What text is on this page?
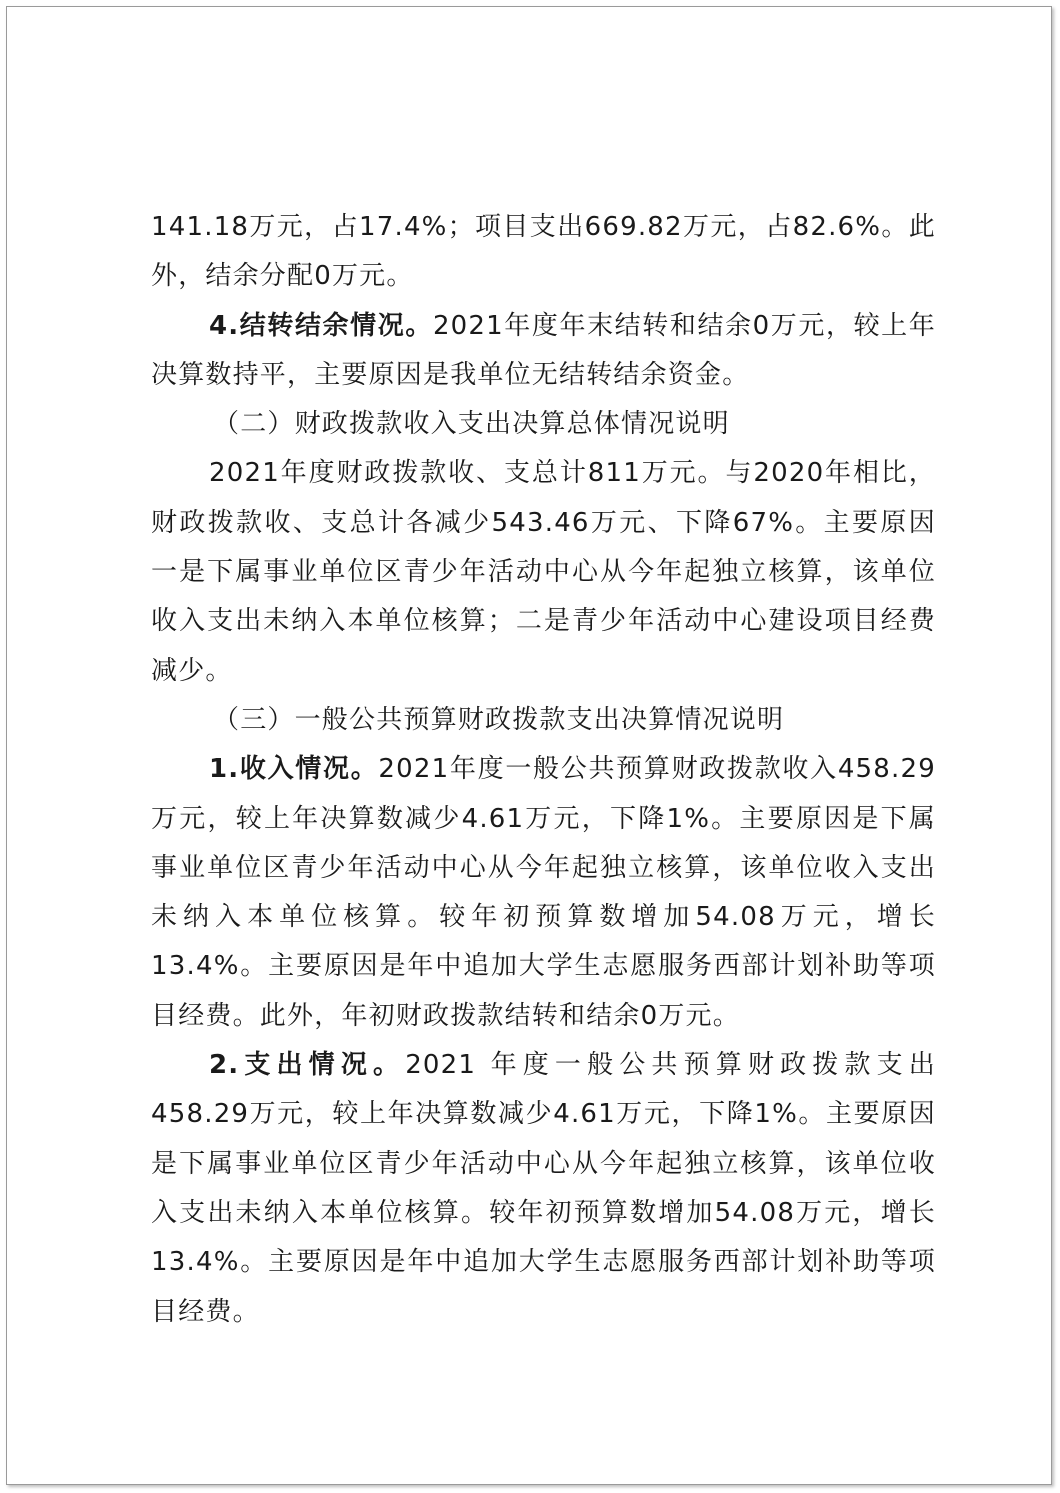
141.18万元，占17.4%；项目支出669.82万元，占82.6%。此外，结余分配0万元。

4.结转结余情况。2021年度年末结转和结余0万元，较上年决算数持平，主要原因是我单位无结转结余资金。

（二）财政拨款收入支出决算总体情况说明

2021年度财政拨款收、支总计811万元。与2020年相比，财政拨款收、支总计各减少543.46万元、下降67%。主要原因一是下属事业单位区青少年活动中心从今年起独立核算，该单位收入支出未纳入本单位核算；二是青少年活动中心建设项目经费减少。

（三）一般公共预算财政拨款支出决算情况说明

1.收入情况。2021年度一般公共预算财政拨款收入458.29万元，较上年决算数减少4.61万元，下降1%。主要原因是下属事业单位区青少年活动中心从今年起独立核算，该单位收入支出未纳入本单位核算。较年初预算数增加54.08万元，增长13.4%。主要原因是年中追加大学生志愿服务西部计划补助等项目经费。此外，年初财政拨款结转和结余0万元。

2.支出情况。2021 年度一般公共预算财政拨款支出 458.29万元，较上年决算数减少4.61万元，下降1%。主要原因是下属事业单位区青少年活动中心从今年起独立核算，该单位收入支出未纳入本单位核算。较年初预算数增加54.08万元，增长13.4%。主要原因是年中追加大学生志愿服务西部计划补助等项目经费。
